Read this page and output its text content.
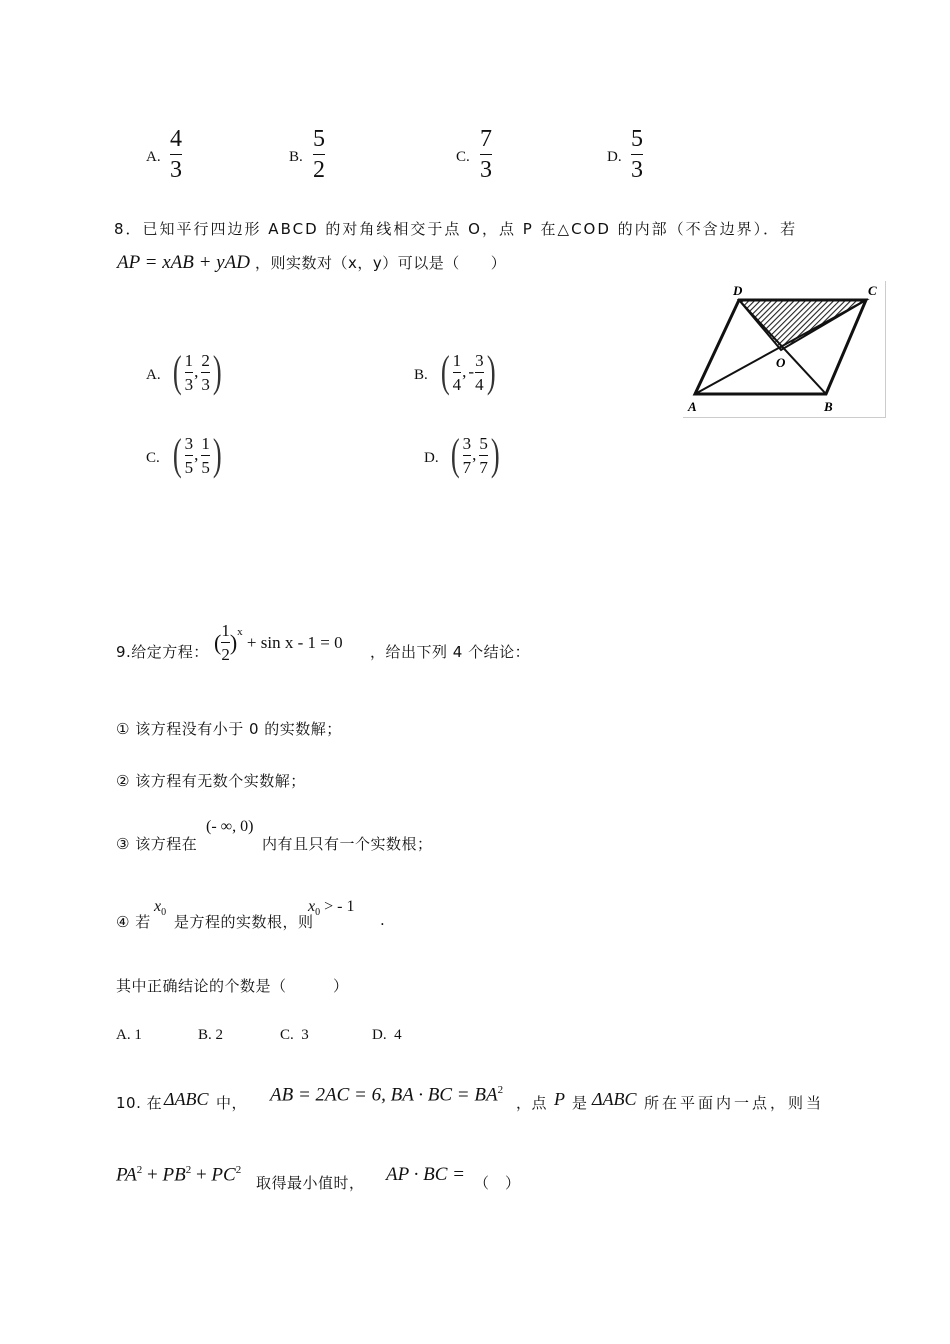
A.
4
3	B.
5
2	C.
7
3	D.
5
3
8．已知平行四边形 ABCD 的对角线相交于点 O，点 P 在△COD 的内部（不含边界）．若
AP = xAB + yAD ，则实数对（x，y）可以是（　　）
A. ( $\frac{1}{3}$ , $\frac{2}{3}$ )	B. ( $\frac{1}{4}$ , - $\frac{3}{4}$ )
C. ( $\frac{3}{5}$ , $\frac{1}{5}$ )	D. ( $\frac{3}{7}$ , $\frac{5}{7}$ )
D	C
O
A	B
9.给定方程： ( $\frac{1}{2} )^x$
+ sin x - 1 = 0
，给出下列 4 个结论：
① 该方程没有小于 0 的实数解；
② 该方程有无数个实数解；
③ 该方程在
(- ∞, 0)
内有且只有一个实数根；
④ 若
$x_0$
是方程的实数根，则
$x_0$ > - 1
.
其中正确结论的个数是（　　　）
A. 1	B. 2	C.  3	D.  4
10. 在 ΔABC 中， AB = 2AC = 6, BA · BC = $BA^2$
，点 P 是 ΔABC 所在平面内一点，则当
$PA^2 + PB^2 + PC^2$
取得最小值时， AP · BC = （　）
